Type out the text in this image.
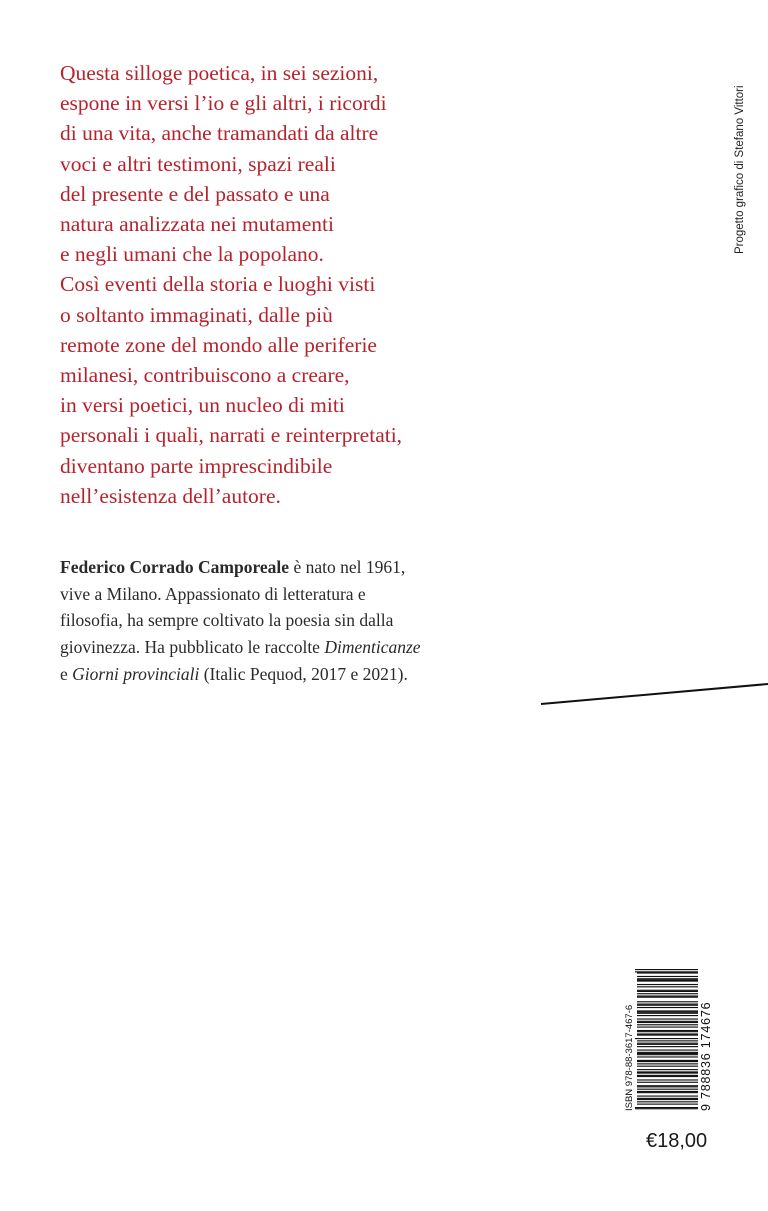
Questa silloge poetica, in sei sezioni,
espone in versi l’io e gli altri, i ricordi
di una vita, anche tramandati da altre
voci e altri testimoni, spazi reali
del presente e del passato e una
natura analizzata nei mutamenti
e negli umani che la popolano.
Così eventi della storia e luoghi visti
o soltanto immaginati, dalle più
remote zone del mondo alle periferie
milanesi, contribuiscono a creare,
in versi poetici, un nucleo di miti
personali i quali, narrati e reinterpretati,
diventano parte imprescindibile
nell’esistenza dell’autore.
Federico Corrado Camporeale è nato nel 1961,
vive a Milano. Appassionato di letteratura e
filosofia, ha sempre coltivato la poesia sin dalla
giovinezza. Ha pubblicato le raccolte Dimenticanze
e Giorni provinciali (Italic Pequod, 2017 e 2021).
Progetto grafico di Stefano Vittori
ISBN 978-88-3617-467-6	9 788836 174676
€18,00
